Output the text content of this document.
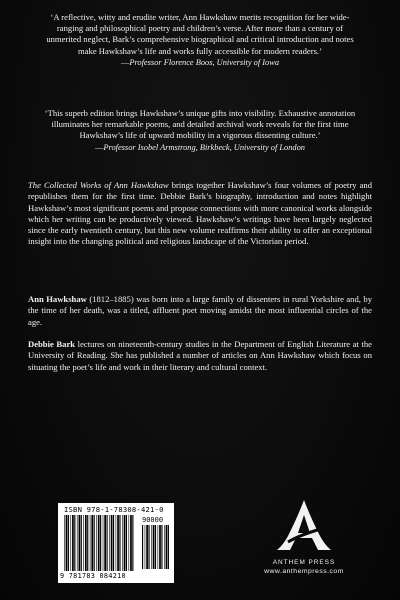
‘A reflective, witty and erudite writer, Ann Hawkshaw merits recognition for her wide-ranging and philosophical poetry and children’s verse. After more than a century of unmerited neglect, Bark’s comprehensive biographical and critical introduction and notes make Hawkshaw’s life and works fully accessible for modern readers.’
—Professor Florence Boos, University of Iowa
‘This superb edition brings Hawkshaw’s unique gifts into visibility. Exhaustive annotation illuminates her remarkable poems, and detailed archival work reveals for the first time Hawkshaw’s life of upward mobility in a vigorous dissenting culture.’
—Professor Isobel Armstrong, Birkbeck, University of London
The Collected Works of Ann Hawkshaw brings together Hawkshaw’s four volumes of poetry and republishes them for the first time. Debbie Bark’s biography, introduction and notes highlight Hawkshaw’s most significant poems and propose connections with more canonical works alongside which her writing can be productively viewed. Hawkshaw’s writings have been largely neglected since the early twentieth century, but this new volume reaffirms their ability to offer an exceptional insight into the changing political and religious landscape of the Victorian period.
Ann Hawkshaw (1812–1885) was born into a large family of dissenters in rural Yorkshire and, by the time of her death, was a titled, affluent poet moving amidst the most influential circles of the age.
Debbie Bark lectures on nineteenth-century studies in the Department of English Literature at the University of Reading. She has published a number of articles on Ann Hawkshaw which focus on situating the poet’s life and work in their literary and cultural context.
ISBN 978-1-78308-421-0
90000
9 781783 084210
ANTHEM PRESS
www.anthempress.com
